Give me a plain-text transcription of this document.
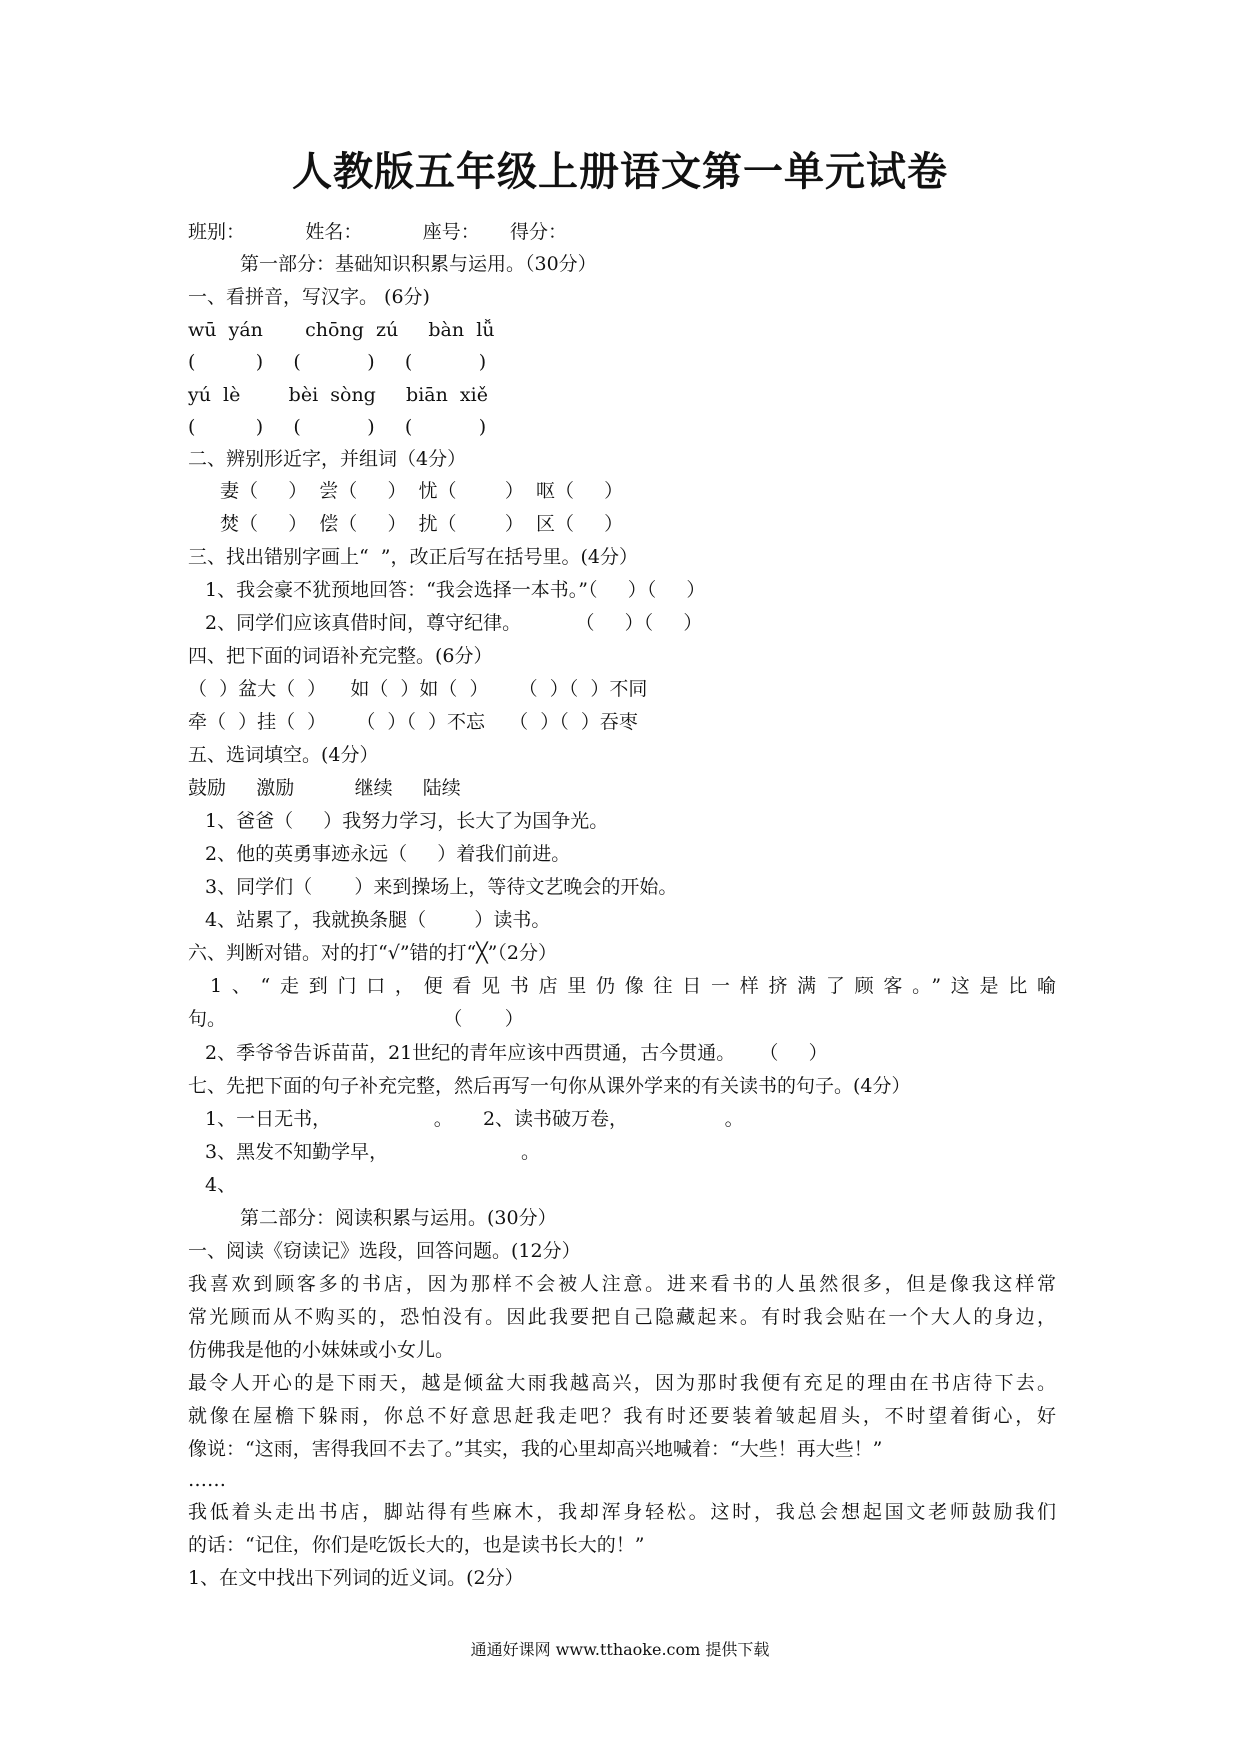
人教版五年级上册语文第一单元试卷
班别：          姓名：          座号：     得分：
第一部分：基础知识积累与运用。（30分）
一、看拼音，写汉字。 (6分)
wū  yán       chōng  zú     bàn  lǚ
(          )     (           )     (           )
yú  lè        bèi  sòng     biān  xiě
(          )     (           )     (           )
二、辨别形近字，并组词（4分）
妻（     ）  尝（     ）  忧（        ）  呕（     ）
焚（     ）  偿（     ）  扰（        ）  区（     ）
三、找出错别字画上“  ”，改正后写在括号里。(4分）
1、我会豪不犹预地回答：“我会选择一本书。”（     ）（     ）
2、同学们应该真借时间，尊守纪律。         （     ）（     ）
四、把下面的词语补充完整。(6分）
（  ）盆大（  ）    如（  ）如（  ）     （  ）（  ）不同
牵（  ）挂（  ）     （  ）（  ）不忘    （  ）（  ）吞枣
五、选词填空。(4分）
鼓励     激励          继续     陆续
1、爸爸（     ）我努力学习，长大了为国争光。
2、他的英勇事迹永远（     ）着我们前进。
3、同学们（       ）来到操场上，等待文艺晚会的开始。
4、站累了，我就换条腿（        ）读书。
六、判断对错。对的打“√”错的打“╳”（2分）
1、“走到门口，便看见书店里仍像往日一样挤满了顾客。”这是比喻
句。                                    （       ）
2、季爷爷告诉苗苗，21世纪的青年应该中西贯通，古今贯通。    （     ）
七、先把下面的句子补充完整，然后再写一句你从课外学来的有关读书的句子。(4分）
1、一日无书，                 。     2、读书破万卷，                。
3、黑发不知勤学早，                      。
4、
第二部分：阅读积累与运用。(30分）
一、阅读《窃读记》选段，回答问题。(12分）
我喜欢到顾客多的书店，因为那样不会被人注意。进来看书的人虽然很多，但是像我这样常
常光顾而从不购买的，恐怕没有。因此我要把自己隐藏起来。有时我会贴在一个大人的身边，
仿佛我是他的小妹妹或小女儿。
最令人开心的是下雨天，越是倾盆大雨我越高兴，因为那时我便有充足的理由在书店待下去。
就像在屋檐下躲雨，你总不好意思赶我走吧？我有时还要装着皱起眉头，不时望着街心，好
像说：“这雨，害得我回不去了。”其实，我的心里却高兴地喊着：“大些！再大些！”
……
我低着头走出书店，脚站得有些麻木，我却浑身轻松。这时，我总会想起国文老师鼓励我们
的话：“记住，你们是吃饭长大的，也是读书长大的！”
1、在文中找出下列词的近义词。(2分）
通通好课网 www.tthaoke.com 提供下载
